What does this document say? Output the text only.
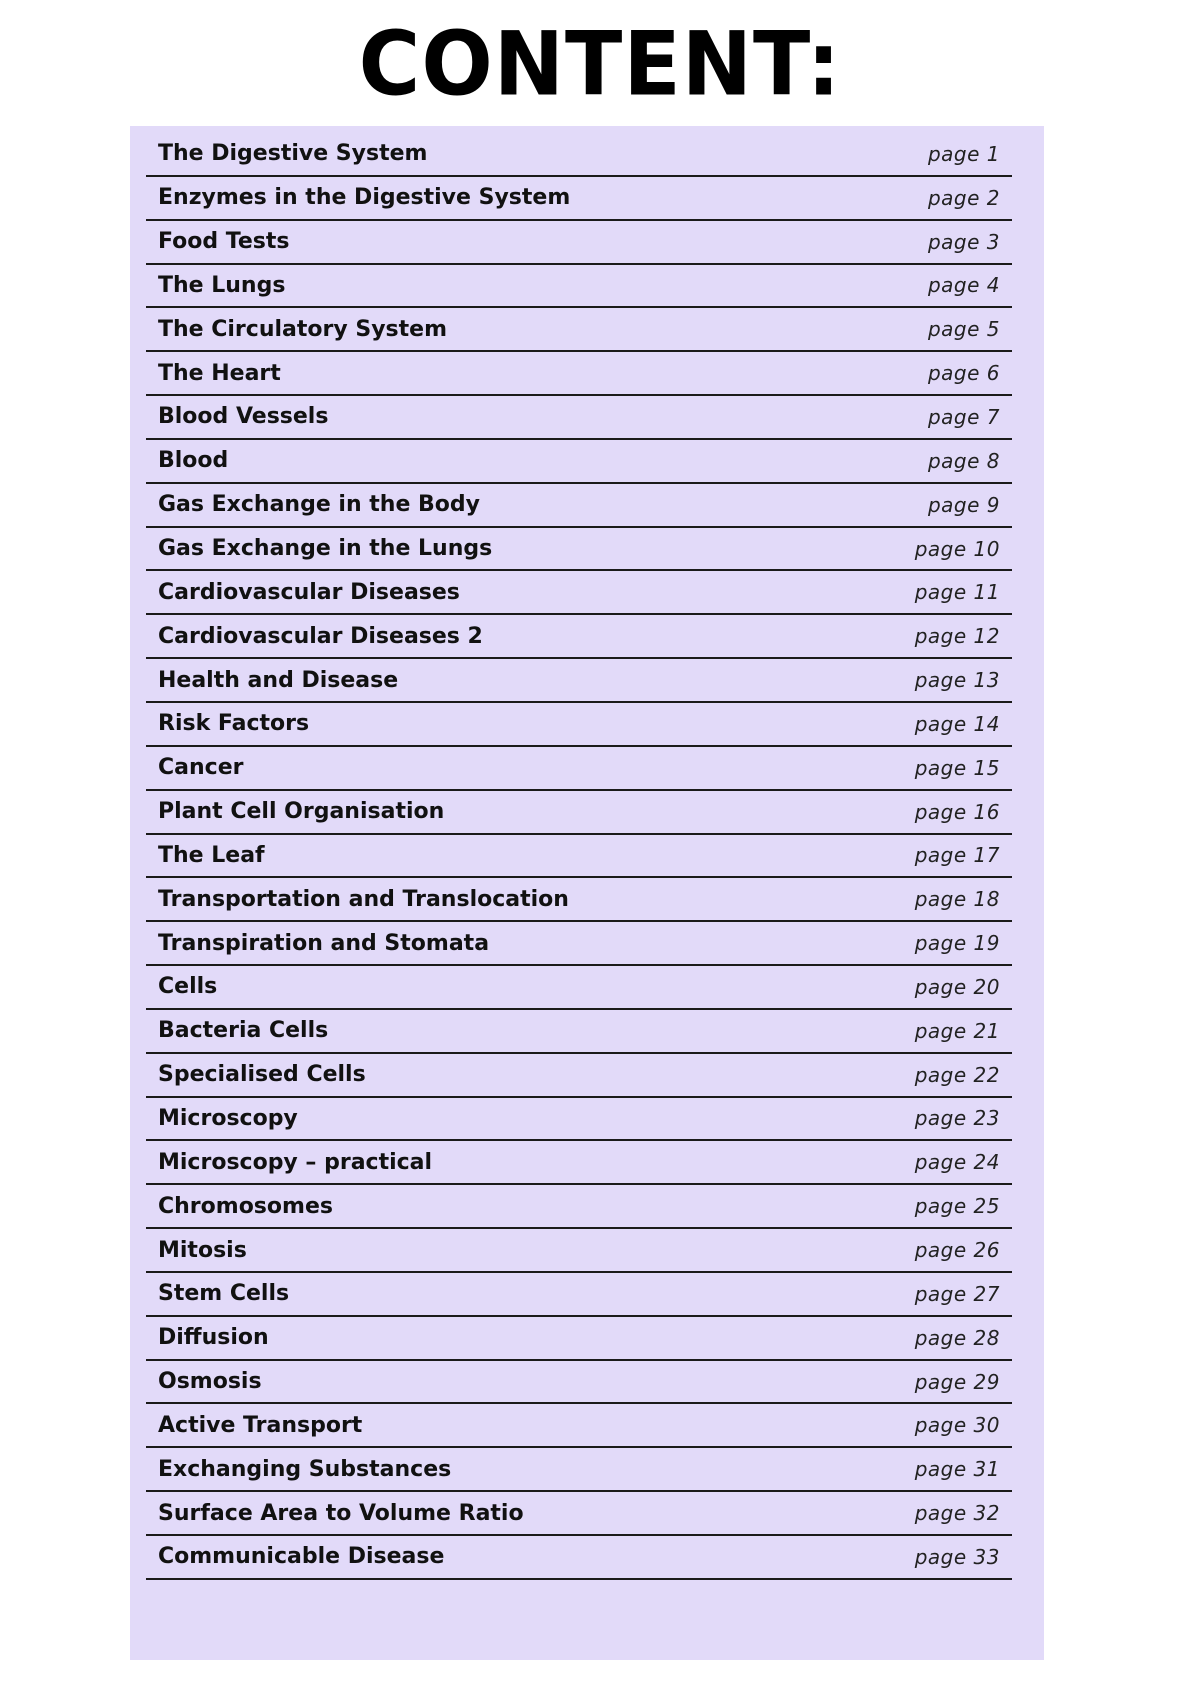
CONTENT:
The Digestive System	page 1
Enzymes in the Digestive System	page 2
Food Tests	page 3
The Lungs	page 4
The Circulatory System	page 5
The Heart	page 6
Blood Vessels	page 7
Blood	page 8
Gas Exchange in the Body	page 9
Gas Exchange in the Lungs	page 10
Cardiovascular Diseases	page 11
Cardiovascular Diseases 2	page 12
Health and Disease	page 13
Risk Factors	page 14
Cancer	page 15
Plant Cell Organisation	page 16
The Leaf	page 17
Transportation and Translocation	page 18
Transpiration and Stomata	page 19
Cells	page 20
Bacteria Cells	page 21
Specialised Cells	page 22
Microscopy	page 23
Microscopy – practical	page 24
Chromosomes	page 25
Mitosis	page 26
Stem Cells	page 27
Diffusion	page 28
Osmosis	page 29
Active Transport	page 30
Exchanging Substances	page 31
Surface Area to Volume Ratio	page 32
Communicable Disease	page 33
